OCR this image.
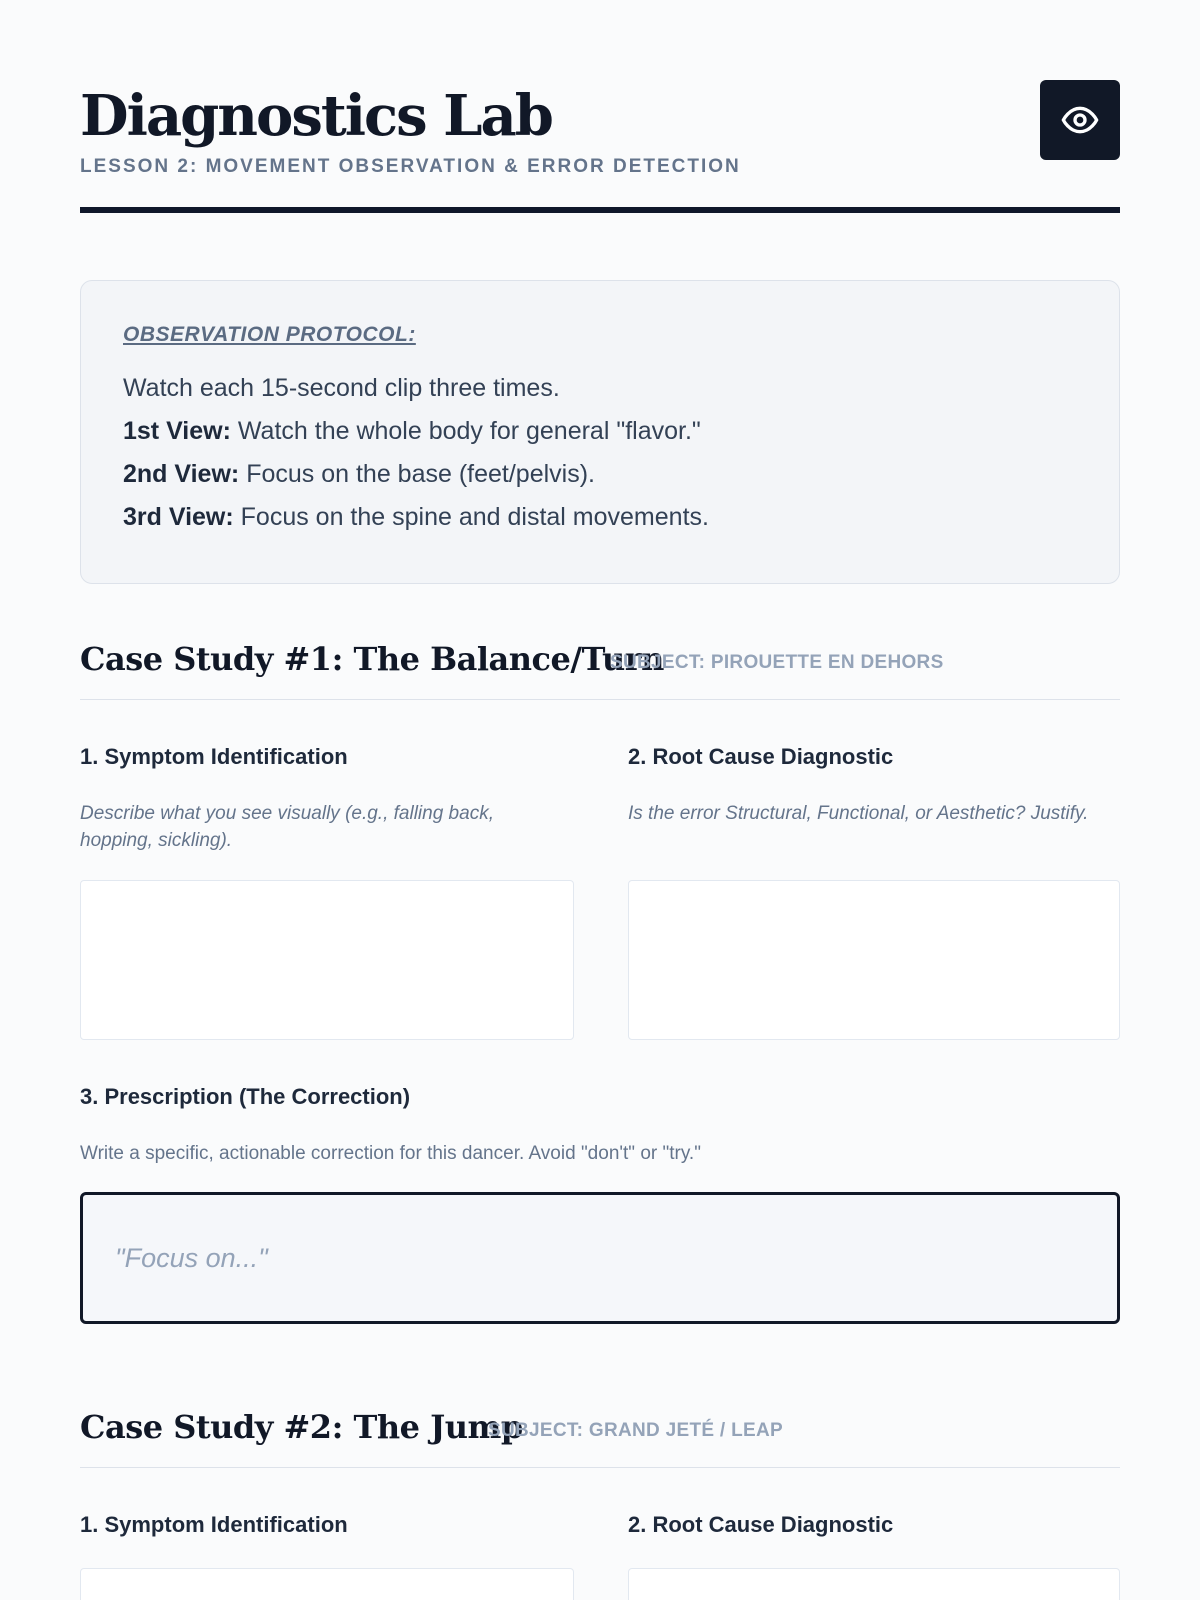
Diagnostics Lab
LESSON 2: MOVEMENT OBSERVATION & ERROR DETECTION
OBSERVATION PROTOCOL:
Watch each 15-second clip three times.
1st View: Watch the whole body for general "flavor."
2nd View: Focus on the base (feet/pelvis).
3rd View: Focus on the spine and distal movements.
Case Study #1: The Balance/Turn
SUBJECT: PIROUETTE EN DEHORS
1. Symptom Identification
Describe what you see visually (e.g., falling back, hopping, sickling).
2. Root Cause Diagnostic
Is the error Structural, Functional, or Aesthetic? Justify.
3. Prescription (The Correction)
Write a specific, actionable correction for this dancer. Avoid "don't" or "try."
"Focus on..."
Case Study #2: The Jump
SUBJECT: GRAND JETÉ / LEAP
1. Symptom Identification	2. Root Cause Diagnostic
